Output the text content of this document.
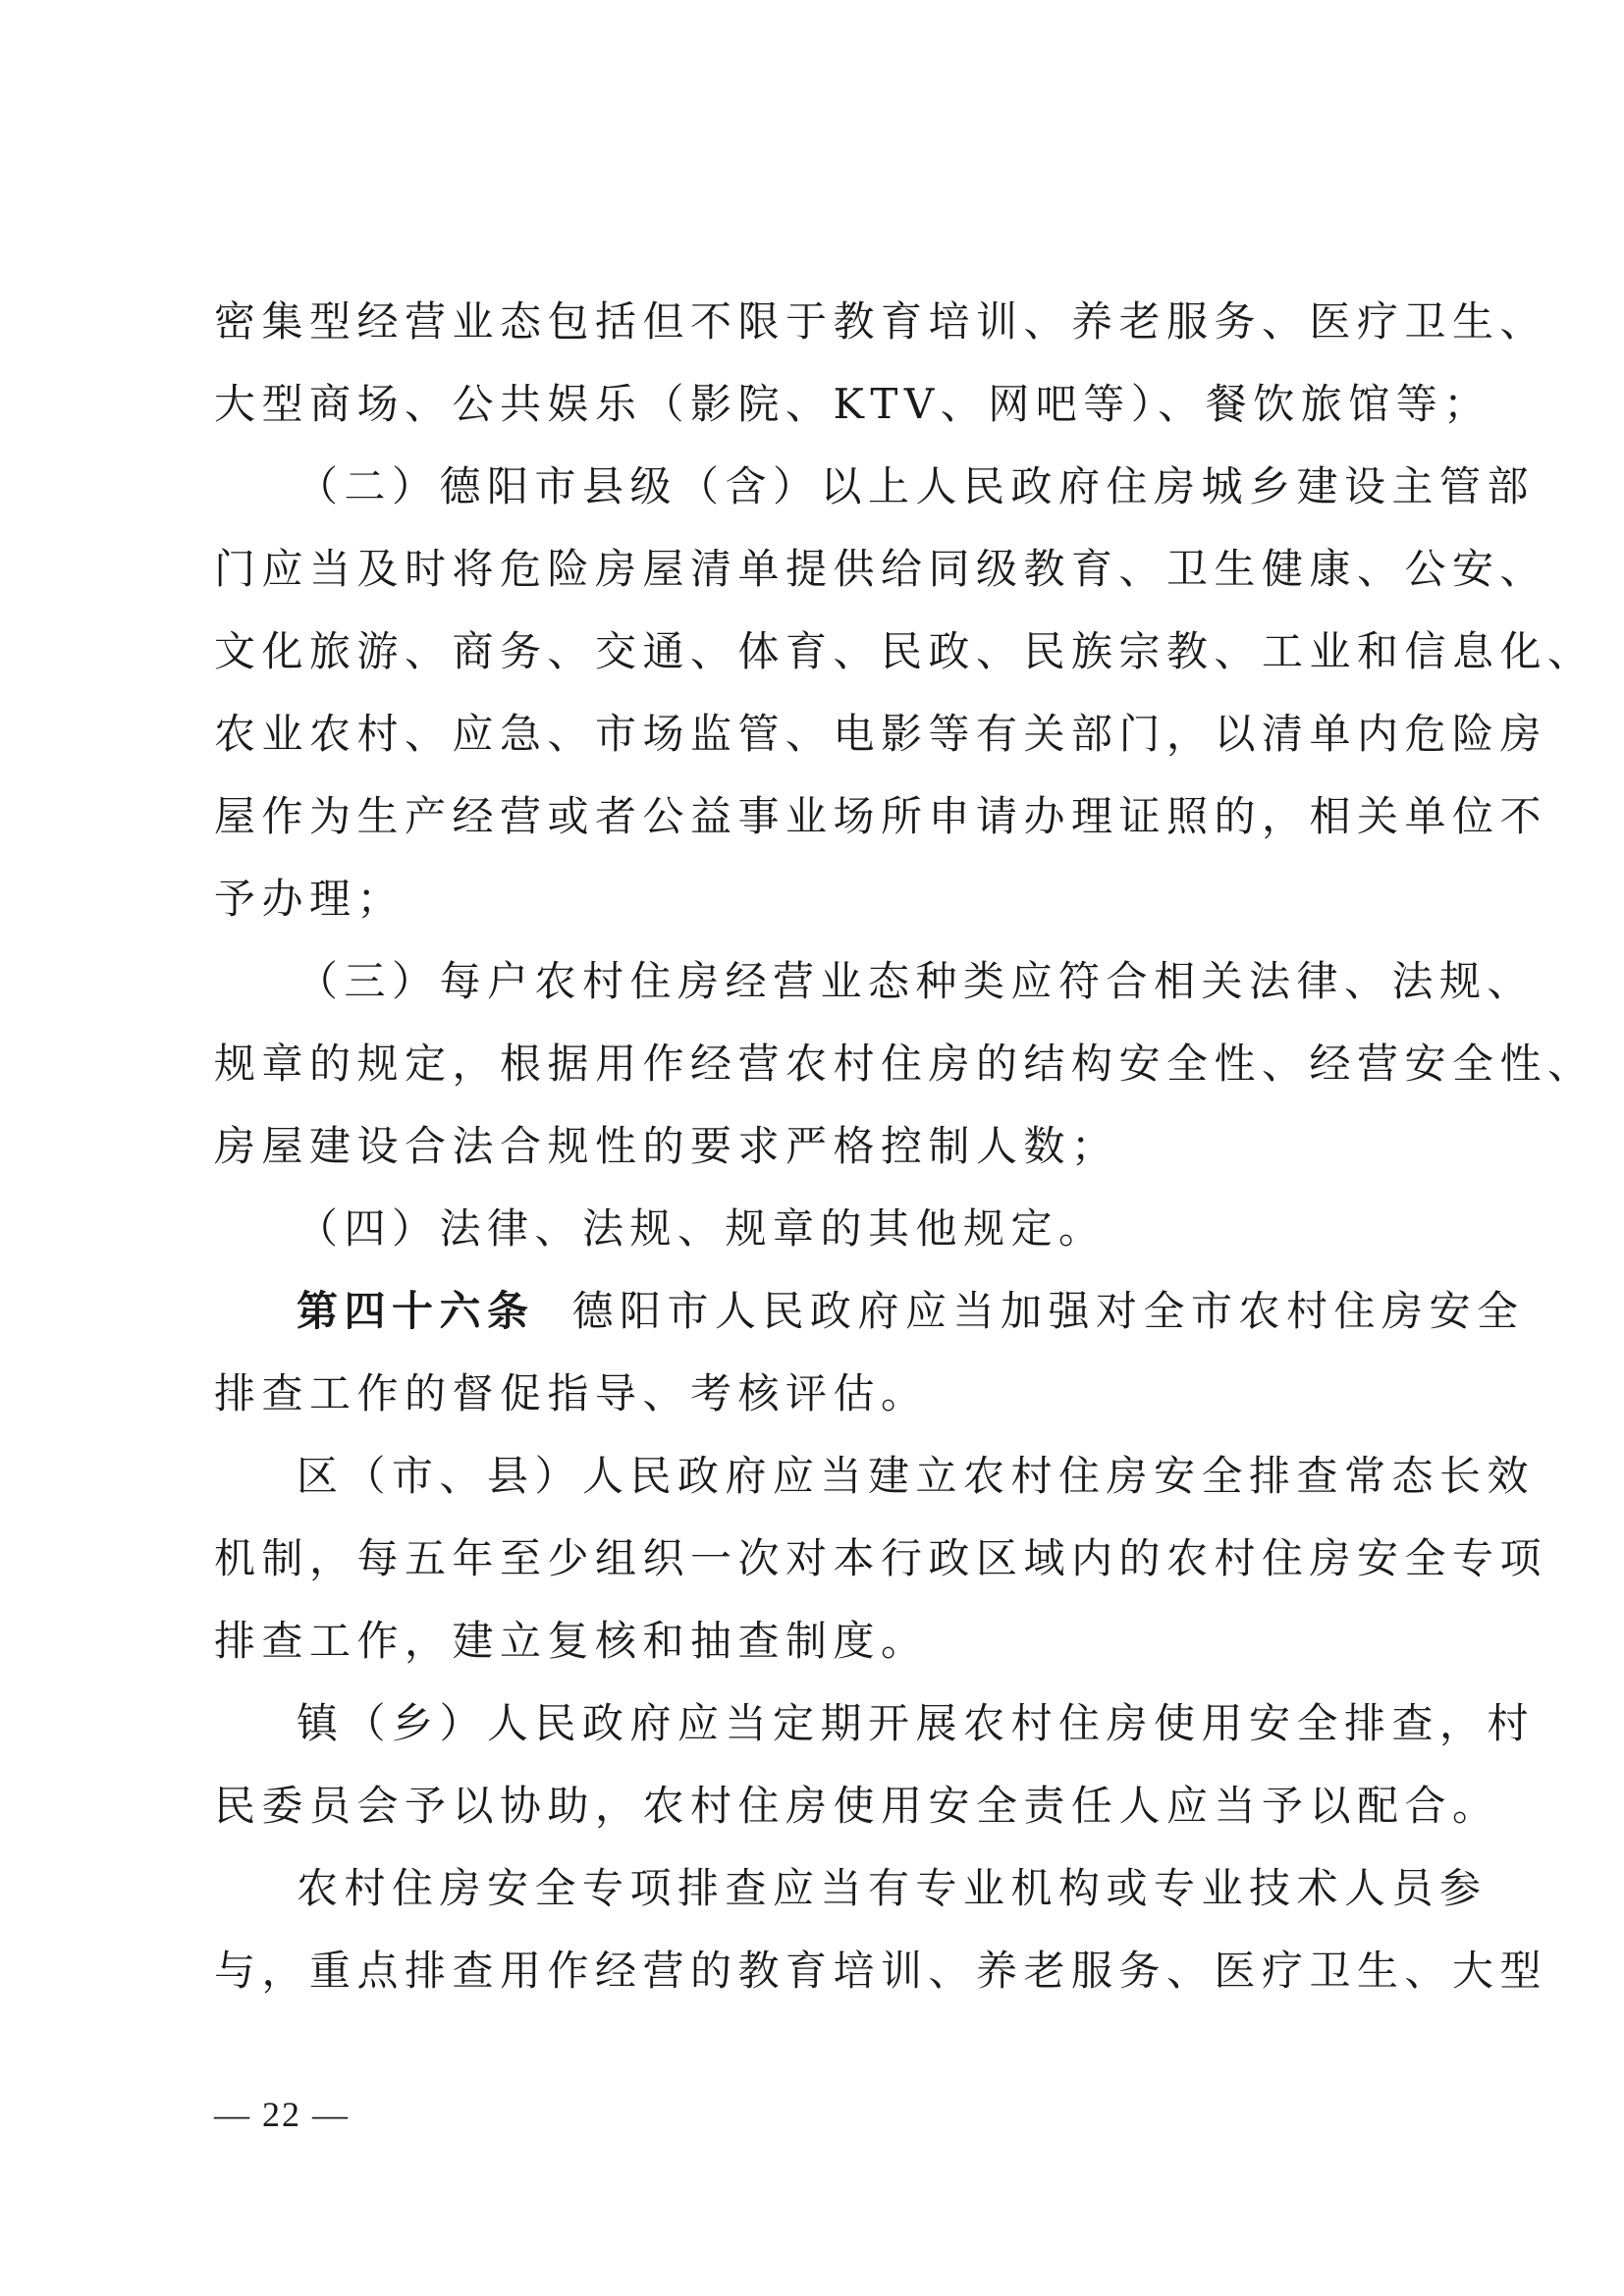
密集型经营业态包括但不限于教育培训、养老服务、医疗卫生、
大型商场、公共娱乐（影院、KTV、网吧等）、餐饮旅馆等；
（二）德阳市县级（含）以上人民政府住房城乡建设主管部
门应当及时将危险房屋清单提供给同级教育、卫生健康、公安、
文化旅游、商务、交通、体育、民政、民族宗教、工业和信息化、
农业农村、应急、市场监管、电影等有关部门，以清单内危险房
屋作为生产经营或者公益事业场所申请办理证照的，相关单位不
予办理；
（三）每户农村住房经营业态种类应符合相关法律、法规、
规章的规定，根据用作经营农村住房的结构安全性、经营安全性、
房屋建设合法合规性的要求严格控制人数；
（四）法律、法规、规章的其他规定。
第四十六条 德阳市人民政府应当加强对全市农村住房安全
排查工作的督促指导、考核评估。
区（市、县）人民政府应当建立农村住房安全排查常态长效
机制，每五年至少组织一次对本行政区域内的农村住房安全专项
排查工作，建立复核和抽查制度。
镇（乡）人民政府应当定期开展农村住房使用安全排查，村
民委员会予以协助，农村住房使用安全责任人应当予以配合。
农村住房安全专项排查应当有专业机构或专业技术人员参
与，重点排查用作经营的教育培训、养老服务、医疗卫生、大型
— 22 —
